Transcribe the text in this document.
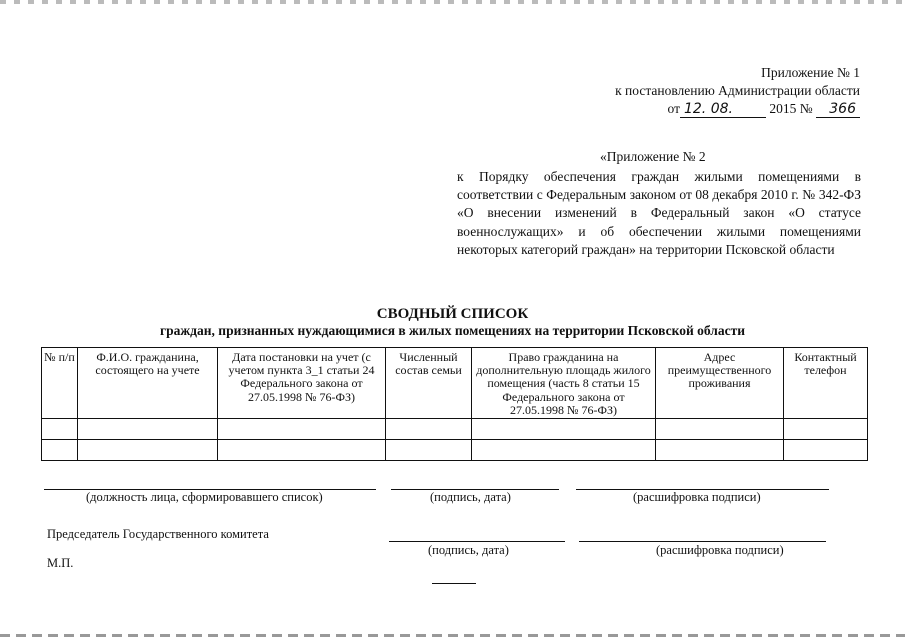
Приложение № 1
к постановлению Администрации области
от 12. 08.	2015 № 366
«Приложение № 2
к Порядку обеспечения граждан жилыми помещениями в соответствии с Федеральным законом от 08 декабря 2010 г. № 342-ФЗ «О внесении изменений в Федеральный закон «О статусе военнослужащих» и об обеспечении жилыми помещениями некоторых категорий граждан» на территории Псковской области
СВОДНЫЙ СПИСОК
граждан, признанных нуждающимися в жилых помещениях на территории Псковской области
№ п/п	Ф.И.О. гражданина, состоящего на учете	Дата постановки на учет (с учетом пункта 3_1 статьи 24 Федерального закона от 27.05.1998 № 76-ФЗ)	Численный состав семьи	Право гражданина на дополнительную площадь жилого помещения (часть 8 статьи 15 Федерального закона от 27.05.1998 № 76-ФЗ)	Адрес преимущественного проживания	Контактный телефон

(должность лица, сформировавшего список)	(подпись, дата)	(расшифровка подписи)
Председатель Государственного комитета
(подпись, дата)	(расшифровка подписи)
М.П.
